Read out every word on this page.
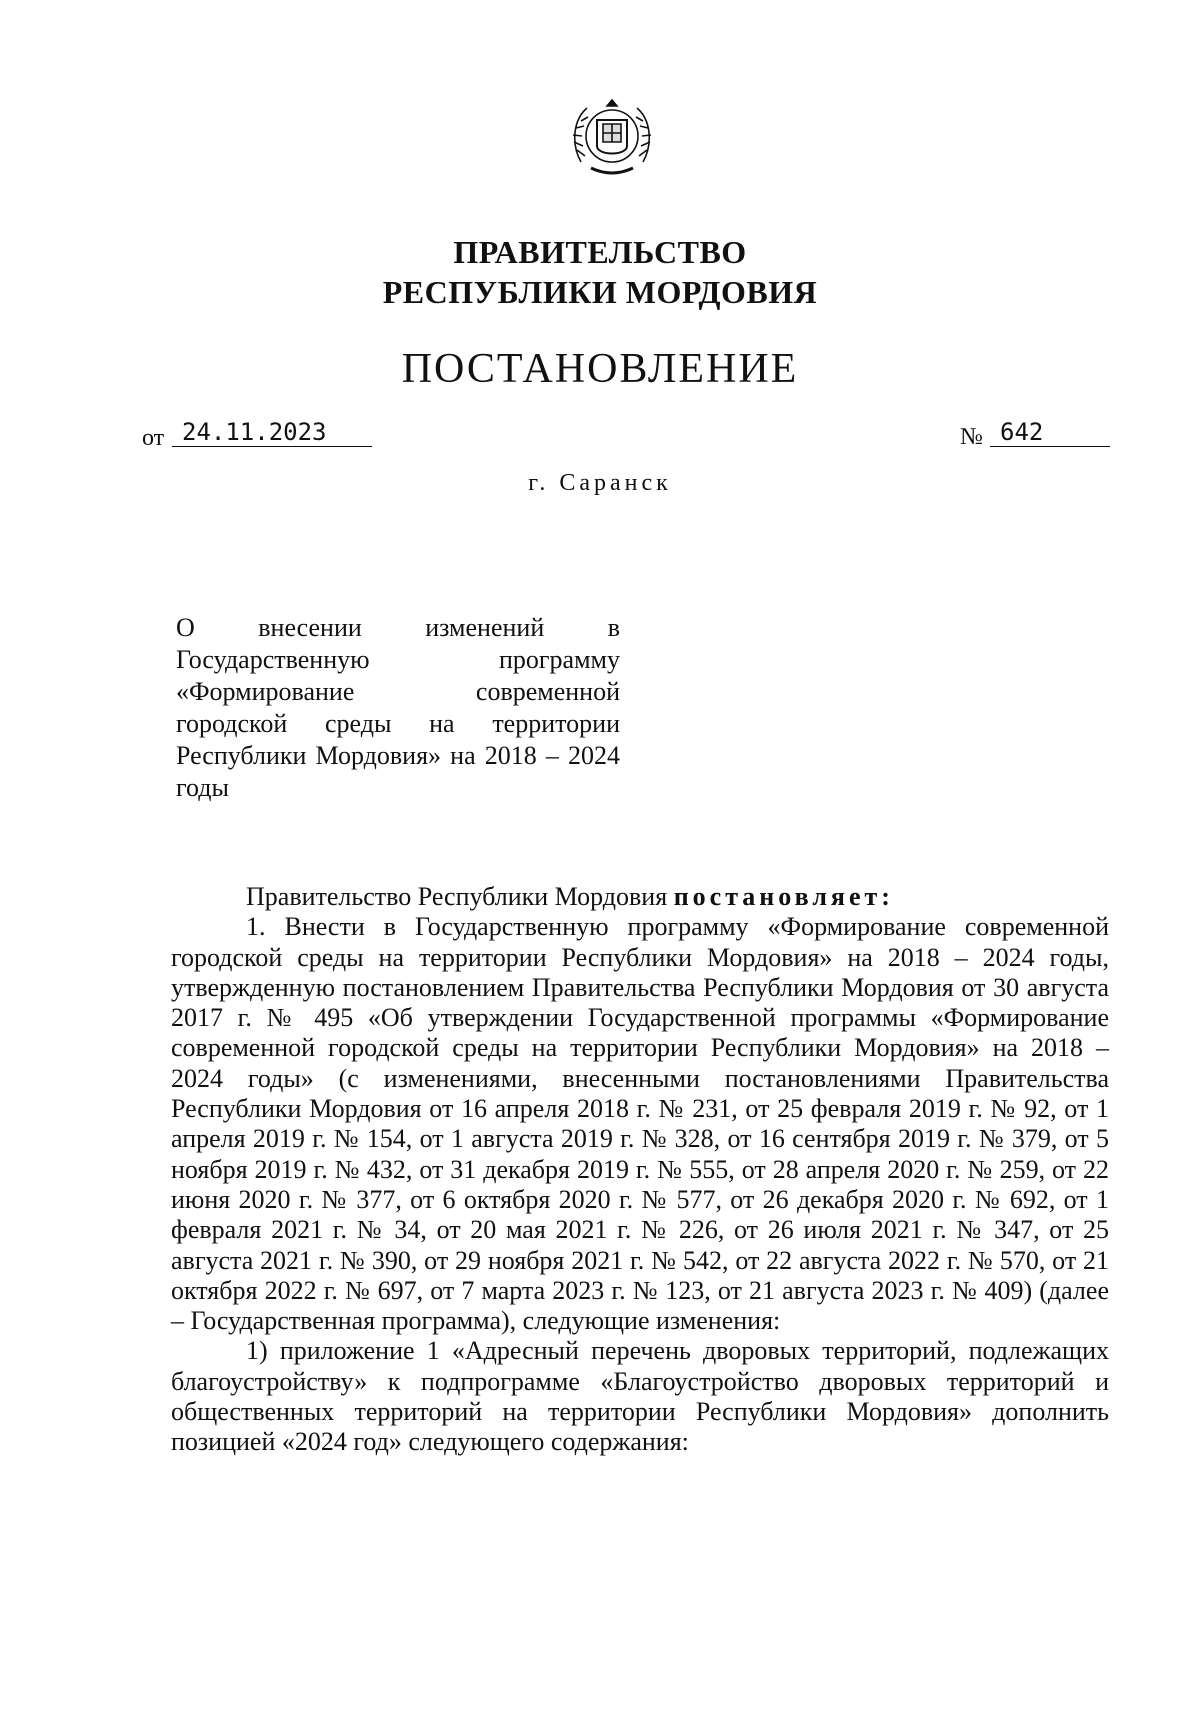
ПРАВИТЕЛЬСТВО
РЕСПУБЛИКИ МОРДОВИЯ
ПОСТАНОВЛЕНИЕ
от 24.11.2023	№ 642
г. Саранск
О внесении изменений в Государственную программу «Формирование современной городской среды на территории Республики Мордовия» на 2018 – 2024 годы

Правительство Республики Мордовия постановляет:

1. Внести в Государственную программу «Формирование современной городской среды на территории Республики Мордовия» на 2018 – 2024 годы, утвержденную постановлением Правительства Республики Мордовия от 30 августа 2017 г. № 495 «Об утверждении Государственной программы «Формирование современной городской среды на территории Республики Мордовия» на 2018 – 2024 годы» (с изменениями, внесенными постановлениями Правительства Республики Мордовия от 16 апреля 2018 г. № 231, от 25 февраля 2019 г. № 92, от 1 апреля 2019 г. № 154, от 1 августа 2019 г. № 328, от 16 сентября 2019 г. № 379, от 5 ноября 2019 г. № 432, от 31 декабря 2019 г. № 555, от 28 апреля 2020 г. № 259, от 22 июня 2020 г. № 377, от 6 октября 2020 г. № 577, от 26 декабря 2020 г. № 692, от 1 февраля 2021 г. № 34, от 20 мая 2021 г. № 226, от 26 июля 2021 г. № 347, от 25 августа 2021 г. № 390, от 29 ноября 2021 г. № 542, от 22 августа 2022 г. № 570, от 21 октября 2022 г. № 697, от 7 марта 2023 г. № 123, от 21 августа 2023 г. № 409) (далее – Государственная программа), следующие изменения:

1) приложение 1 «Адресный перечень дворовых территорий, подлежащих благоустройству» к подпрограмме «Благоустройство дворовых территорий и общественных территорий на территории Республики Мордовия» дополнить позицией «2024 год» следующего содержания:
